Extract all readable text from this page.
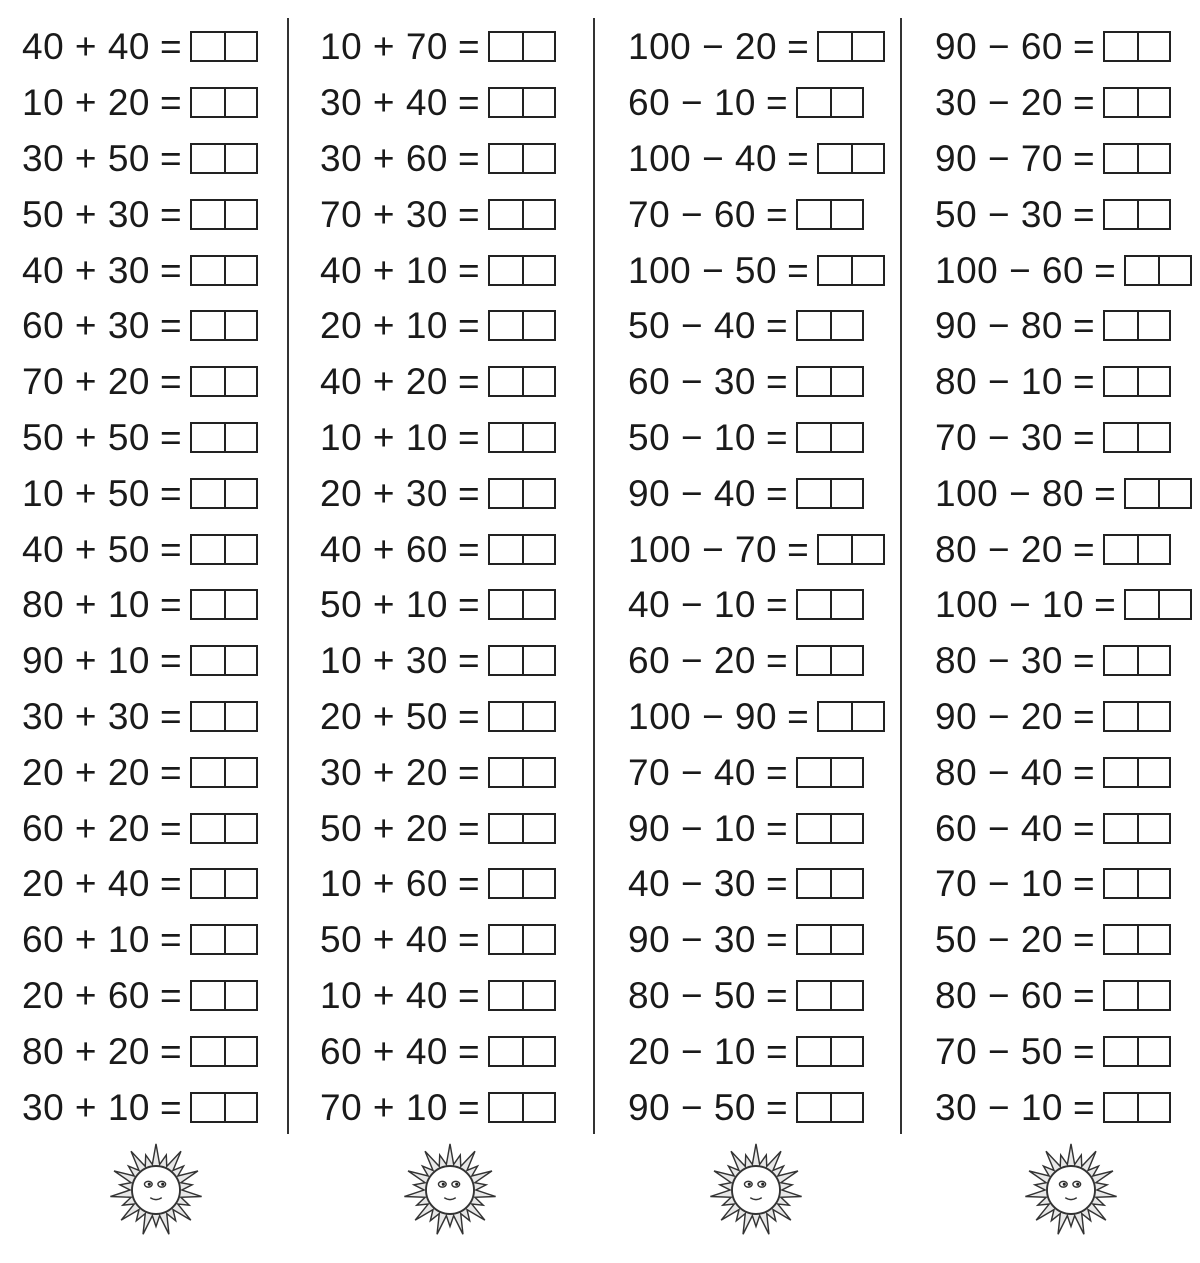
40 + 40 =
10 + 20 =
30 + 50 =
50 + 30 =
40 + 30 =
60 + 30 =
70 + 20 =
50 + 50 =
10 + 50 =
40 + 50 =
80 + 10 =
90 + 10 =
30 + 30 =
20 + 20 =
60 + 20 =
20 + 40 =
60 + 10 =
20 + 60 =
80 + 20 =
30 + 10 =
10 + 70 =
30 + 40 =
30 + 60 =
70 + 30 =
40 + 10 =
20 + 10 =
40 + 20 =
10 + 10 =
20 + 30 =
40 + 60 =
50 + 10 =
10 + 30 =
20 + 50 =
30 + 20 =
50 + 20 =
10 + 60 =
50 + 40 =
10 + 40 =
60 + 40 =
70 + 10 =
100 − 20 =
60 − 10 =
100 − 40 =
70 − 60 =
100 − 50 =
50 − 40 =
60 − 30 =
50 − 10 =
90 − 40 =
100 − 70 =
40 − 10 =
60 − 20 =
100 − 90 =
70 − 40 =
90 − 10 =
40 − 30 =
90 − 30 =
80 − 50 =
20 − 10 =
90 − 50 =
90 − 60 =
30 − 20 =
90 − 70 =
50 − 30 =
100 − 60 =
90 − 80 =
80 − 10 =
70 − 30 =
100 − 80 =
80 − 20 =
100 − 10 =
80 − 30 =
90 − 20 =
80 − 40 =
60 − 40 =
70 − 10 =
50 − 20 =
80 − 60 =
70 − 50 =
30 − 10 =
